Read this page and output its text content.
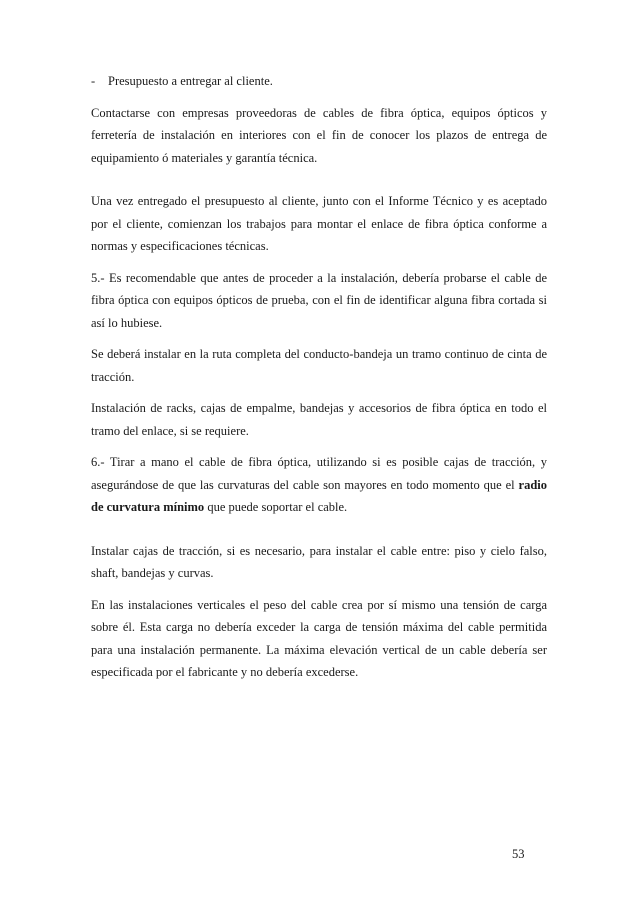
-	Presupuesto a entregar al cliente.

Contactarse con empresas proveedoras de cables de fibra óptica, equipos ópticos y ferretería de instalación en interiores con el fin de conocer los plazos de entrega de equipamiento ó materiales y garantía técnica.

Una vez entregado el presupuesto al cliente, junto con el Informe Técnico y es aceptado por el cliente, comienzan los trabajos para montar el enlace de fibra óptica conforme a normas y especificaciones técnicas.

5.- Es recomendable que antes de proceder a la instalación, debería probarse el cable de fibra óptica con equipos ópticos de prueba, con el fin de identificar alguna fibra cortada si así lo hubiese.

Se deberá instalar en la ruta completa del conducto-bandeja un tramo continuo de cinta de tracción.

Instalación de racks, cajas de empalme, bandejas y accesorios de fibra óptica en todo el tramo del enlace, si se requiere.

6.- Tirar a mano el cable de fibra óptica, utilizando si es posible cajas de tracción, y asegurándose de que las curvaturas del cable son mayores en todo momento que el radio de curvatura mínimo que puede soportar el cable.

Instalar cajas de tracción, si es necesario, para instalar el cable entre: piso y cielo falso, shaft, bandejas y curvas.

En las instalaciones verticales el peso del cable crea por sí mismo una tensión de carga sobre él. Esta carga no debería exceder la carga de tensión máxima del cable permitida para una instalación permanente. La máxima elevación vertical de un cable debería ser especificada por el fabricante y no debería excederse.

53
